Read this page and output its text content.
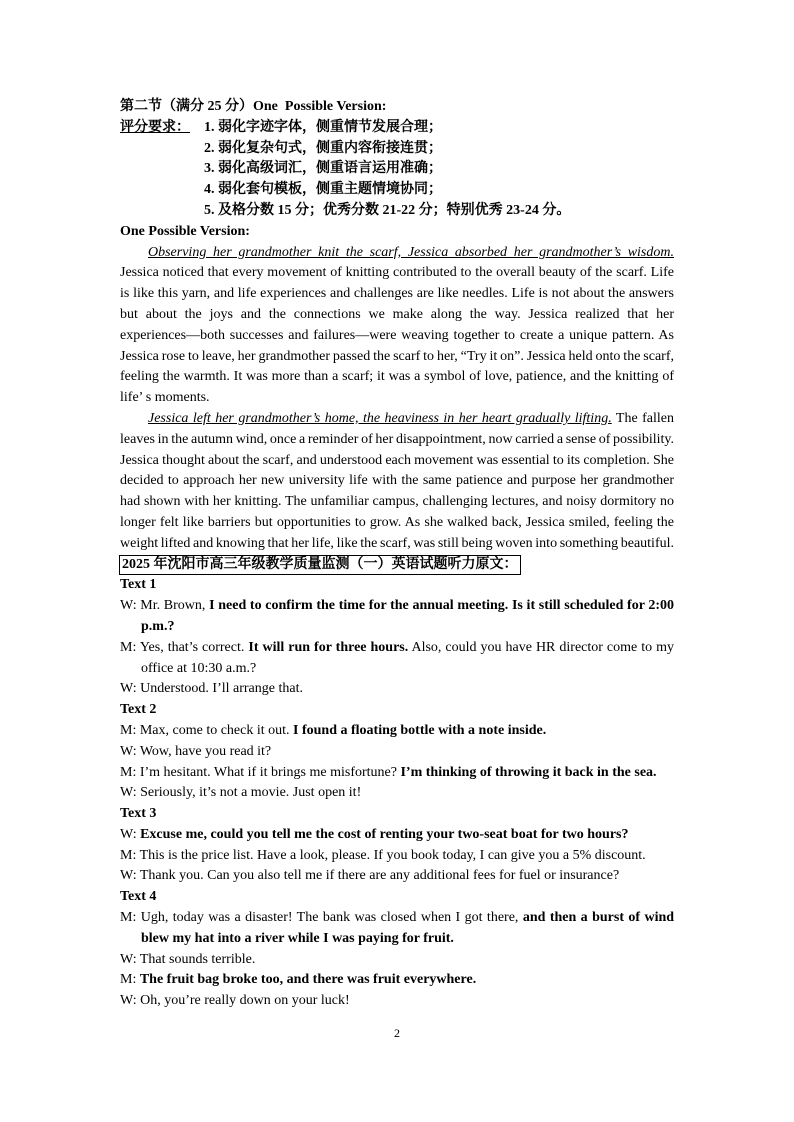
第二节（满分 25 分）One  Possible Version:
评分要求： 1. 弱化字迹字体，侧重情节发展合理；
2. 弱化复杂句式，侧重内容衔接连贯；
3. 弱化高级词汇，侧重语言运用准确；
4. 弱化套句模板，侧重主题情境协同；
5. 及格分数 15 分；优秀分数 21-22 分；特别优秀 23-24 分。
One Possible Version:
Observing her grandmother knit the scarf, Jessica absorbed her grandmother’s wisdom.
Jessica noticed that every movement of knitting contributed to the overall beauty of the scarf. Life
is like this yarn, and life experiences and challenges are like needles. Life is not about the answers
but about the joys and the connections we make along the way. Jessica realized that her
experiences—both successes and failures—were weaving together to create a unique pattern. As
Jessica rose to leave, her grandmother passed the scarf to her, “Try it on”. Jessica held onto the scarf,
feeling the warmth. It was more than a scarf; it was a symbol of love, patience, and the knitting of
life’ s moments.
Jessica left her grandmother’s home, the heaviness in her heart gradually lifting. The fallen
leaves in the autumn wind, once a reminder of her disappointment, now carried a sense of possibility.
Jessica thought about the scarf, and understood each movement was essential to its completion. She
decided to approach her new university life with the same patience and purpose her grandmother
had shown with her knitting. The unfamiliar campus, challenging lectures, and noisy dormitory no
longer felt like barriers but opportunities to grow. As she walked back, Jessica smiled, feeling the
weight lifted and knowing that her life, like the scarf, was still being woven into something beautiful.
2025 年沈阳市高三年级教学质量监测（一）英语试题听力原文：
Text 1
W: Mr. Brown, I need to confirm the time for the annual meeting. Is it still scheduled for 2:00
p.m.?
M: Yes, that’s correct. It will run for three hours. Also, could you have HR director come to my
office at 10:30 a.m.?
W: Understood. I’ll arrange that.
Text 2
M: Max, come to check it out. I found a floating bottle with a note inside.
W: Wow, have you read it?
M: I’m hesitant. What if it brings me misfortune? I’m thinking of throwing it back in the sea.
W: Seriously, it’s not a movie. Just open it!
Text 3
W: Excuse me, could you tell me the cost of renting your two-seat boat for two hours?
M: This is the price list. Have a look, please. If you book today, I can give you a 5% discount.
W: Thank you. Can you also tell me if there are any additional fees for fuel or insurance?
Text 4
M: Ugh, today was a disaster! The bank was closed when I got there, and then a burst of wind
blew my hat into a river while I was paying for fruit.
W: That sounds terrible.
M: The fruit bag broke too, and there was fruit everywhere.
W: Oh, you’re really down on your luck!
2
